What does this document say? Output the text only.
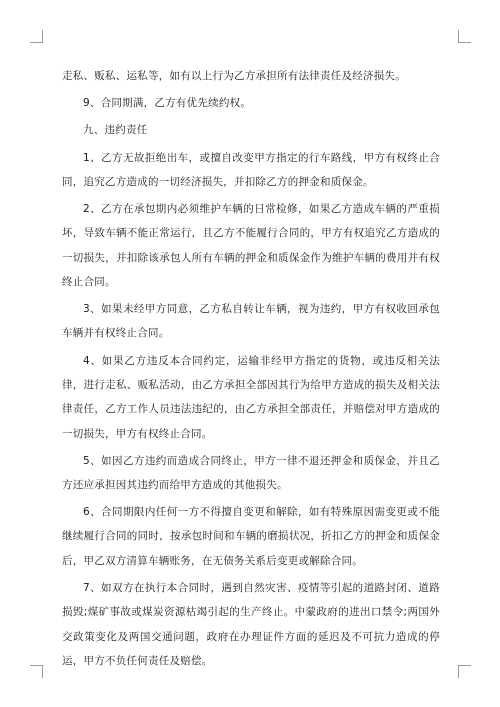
走私、贩私、运私等，如有以上行为乙方承担所有法律责任及经济损失。

9、合同期满，乙方有优先续约权。

九、违约责任

1、乙方无故拒绝出车，或擅自改变甲方指定的行车路线，甲方有权终止合同，追究乙方造成的一切经济损失，并扣除乙方的押金和质保金。

2、乙方在承包期内必须维护车辆的日常检修，如果乙方造成车辆的严重损坏，导致车辆不能正常运行，且乙方不能履行合同的，甲方有权追究乙方造成的一切损失，并扣除该承包人所有车辆的押金和质保金作为维护车辆的费用并有权终止合同。

3、如果未经甲方同意，乙方私自转让车辆，视为违约，甲方有权收回承包车辆并有权终止合同。

4、如果乙方违反本合同约定，运输非经甲方指定的货物，或违反相关法律，进行走私、贩私活动，由乙方承担全部因其行为给甲方造成的损失及相关法律责任，乙方工作人员违法违纪的，由乙方承担全部责任，并赔偿对甲方造成的一切损失，甲方有权终止合同。

5、如因乙方违约而造成合同终止，甲方一律不退还押金和质保金，并且乙方还应承担因其违约而给甲方造成的其他损失。

6、合同期限内任何一方不得擅自变更和解除，如有特殊原因需变更或不能继续履行合同的同时，按承包时间和车辆的磨损状况，折扣乙方的押金和质保金后，甲乙双方清算车辆账务，在无债务关系后变更或解除合同。

7、如双方在执行本合同时，遇到自然灾害、疫情等引起的道路封闭、道路损毁;煤矿事故或煤炭资源枯竭引起的生产终止。中蒙政府的进出口禁令;两国外交政策变化及两国交通问题，政府在办理证件方面的延迟及不可抗力造成的停运，甲方不负任何责任及赔偿。
